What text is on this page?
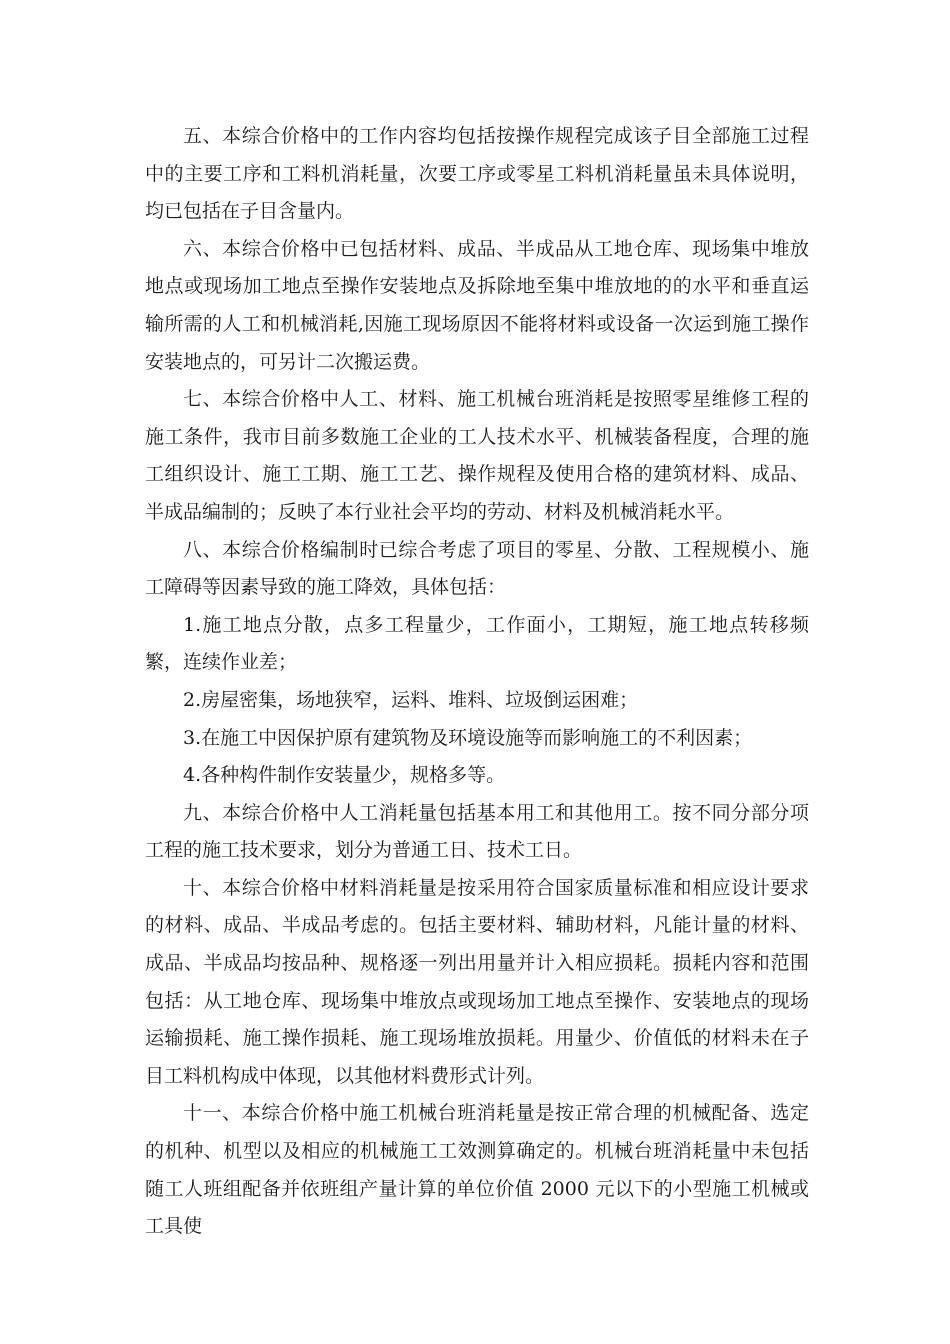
五、本综合价格中的工作内容均包括按操作规程完成该子目全部施工过程中的主要工序和工料机消耗量，次要工序或零星工料机消耗量虽未具体说明，均已包括在子目含量内。

六、本综合价格中已包括材料、成品、半成品从工地仓库、现场集中堆放地点或现场加工地点至操作安装地点及拆除地至集中堆放地的的水平和垂直运输所需的人工和机械消耗,因施工现场原因不能将材料或设备一次运到施工操作安装地点的，可另计二次搬运费。

七、本综合价格中人工、材料、施工机械台班消耗是按照零星维修工程的施工条件，我市目前多数施工企业的工人技术水平、机械装备程度，合理的施工组织设计、施工工期、施工工艺、操作规程及使用合格的建筑材料、成品、半成品编制的；反映了本行业社会平均的劳动、材料及机械消耗水平。

八、本综合价格编制时已综合考虑了项目的零星、分散、工程规模小、施工障碍等因素导致的施工降效，具体包括：

1.施工地点分散，点多工程量少，工作面小，工期短，施工地点转移频繁，连续作业差；

2.房屋密集，场地狭窄，运料、堆料、垃圾倒运困难；

3.在施工中因保护原有建筑物及环境设施等而影响施工的不利因素；

4.各种构件制作安装量少，规格多等。

九、本综合价格中人工消耗量包括基本用工和其他用工。按不同分部分项工程的施工技术要求，划分为普通工日、技术工日。

十、本综合价格中材料消耗量是按采用符合国家质量标准和相应设计要求的材料、成品、半成品考虑的。包括主要材料、辅助材料，凡能计量的材料、成品、半成品均按品种、规格逐一列出用量并计入相应损耗。损耗内容和范围包括：从工地仓库、现场集中堆放点或现场加工地点至操作、安装地点的现场运输损耗、施工操作损耗、施工现场堆放损耗。用量少、价值低的材料未在子目工料机构成中体现，以其他材料费形式计列。

十一、本综合价格中施工机械台班消耗量是按正常合理的机械配备、选定的机种、机型以及相应的机械施工工效测算确定的。机械台班消耗量中未包括随工人班组配备并依班组产量计算的单位价值 2000 元以下的小型施工机械或工具使
